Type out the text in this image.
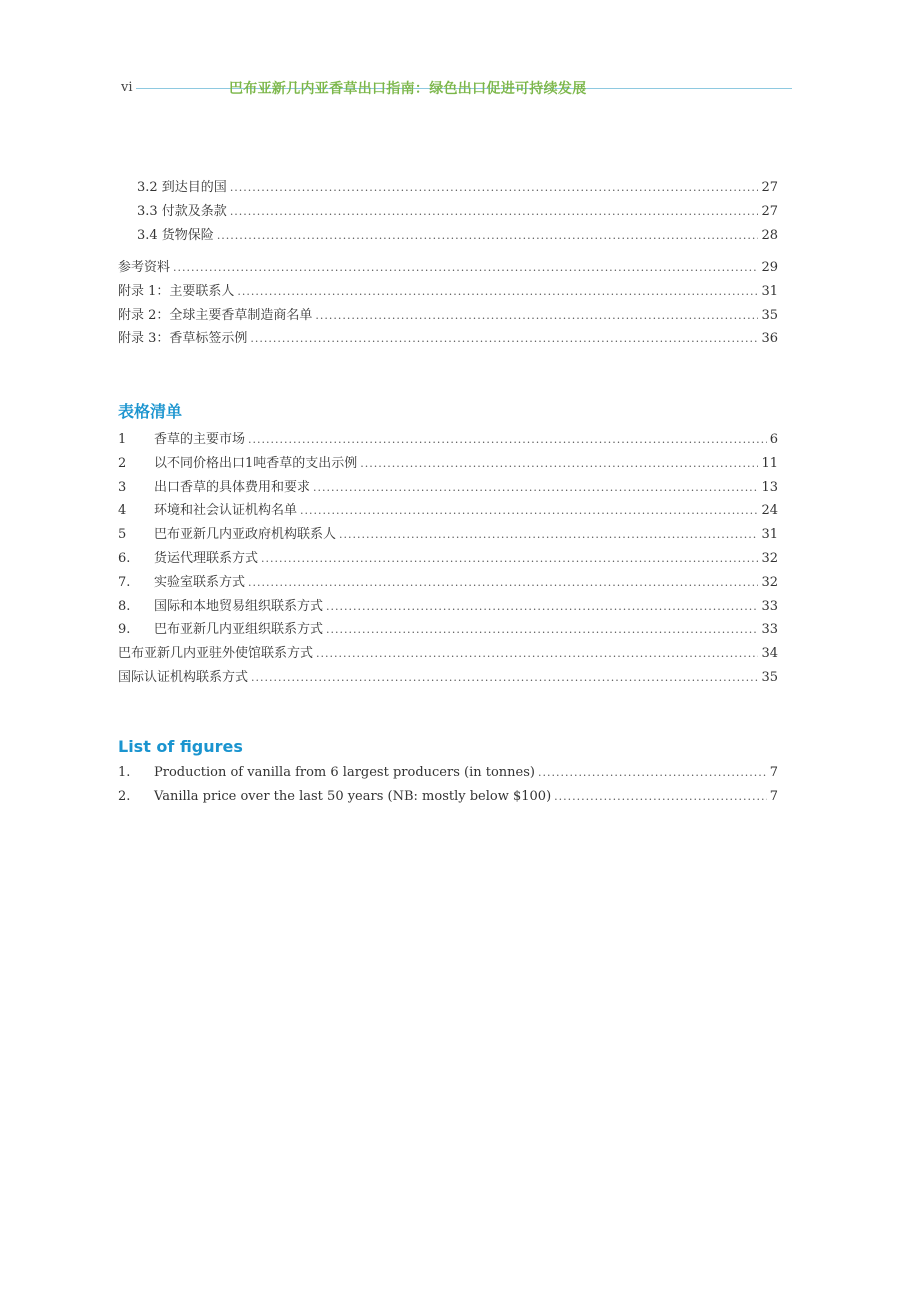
vi	巴布亚新几内亚香草出口指南：绿色出口促进可持续发展
3.2 到达目的国 .....	27
3.3 付款及条款 .....	27
3.4 货物保险 .....	28
参考资料 .....	29
附录 1：主要联系人 .....	31
附录 2：全球主要香草制造商名单 .....	35
附录 3：香草标签示例 .....	36
表格清单
1	香草的主要市场 .....	6
2	以不同价格出口1吨香草的支出示例 .....	11
3	出口香草的具体费用和要求 .....	13
4	环境和社会认证机构名单 .....	24
5	巴布亚新几内亚政府机构联系人 .....	31
6.	货运代理联系方式 .....	32
7.	实验室联系方式 .....	32
8.	国际和本地贸易组织联系方式 .....	33
9.	巴布亚新几内亚组织联系方式 .....	33
巴布亚新几内亚驻外使馆联系方式 .....	34
国际认证机构联系方式 .....	35
List of figures
1.	Production of vanilla from 6 largest producers (in tonnes) .....	7
2.	Vanilla price over the last 50 years (NB: mostly below $100) .....	7
